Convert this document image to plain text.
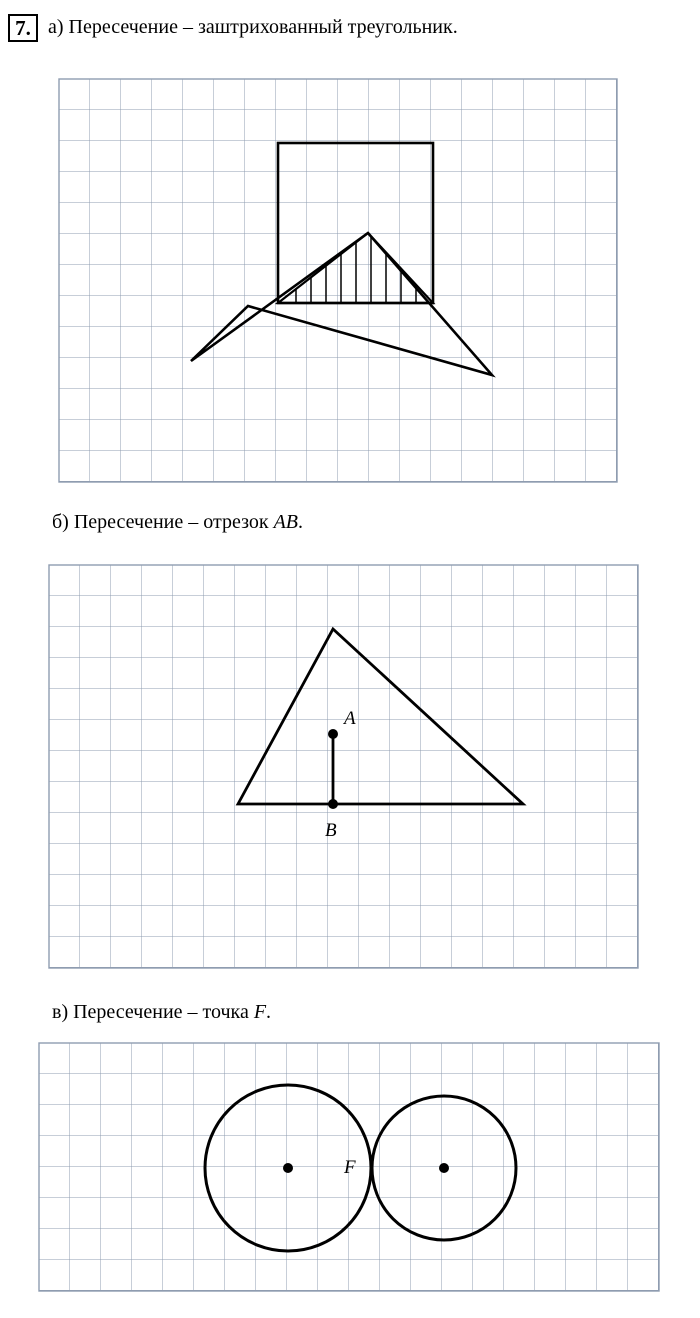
7. а) Пересечение – заштрихованный треугольник.
б) Пересечение – отрезок AB.
A
B
в) Пересечение – точка F.
F
